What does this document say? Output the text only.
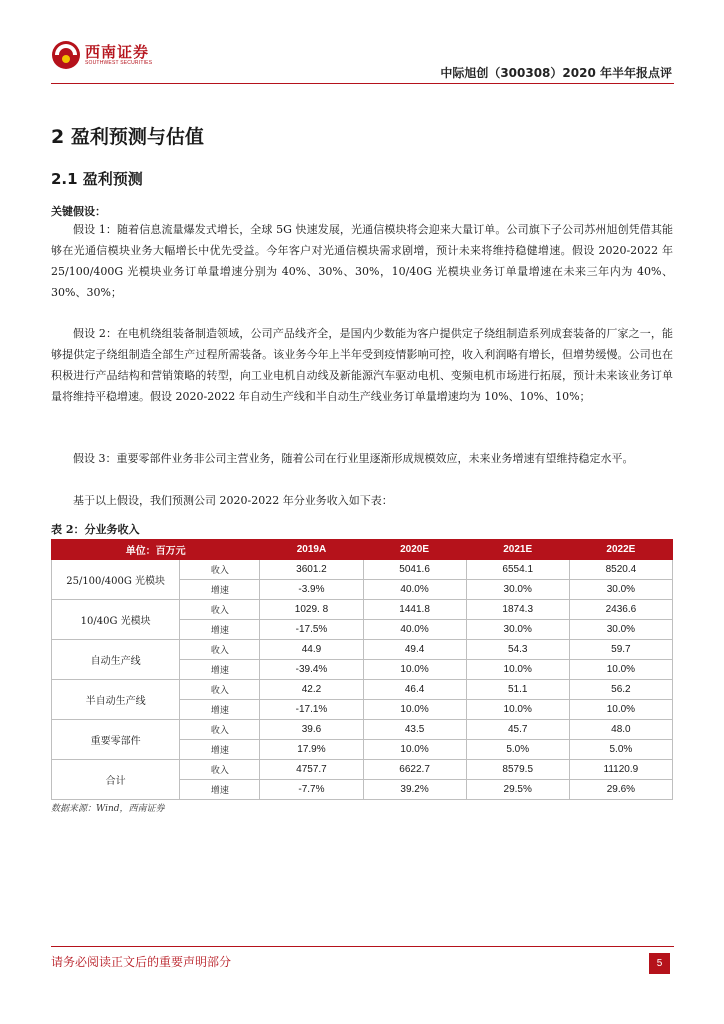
西南证券
SOUTHWEST SECURITIES
中际旭创（300308）2020 年半年报点评
2 盈利预测与估值
2.1 盈利预测
关键假设：
假设 1：随着信息流量爆发式增长，全球 5G 快速发展，光通信模块将会迎来大量订单。公司旗下子公司苏州旭创凭借其能够在光通信模块业务大幅增长中优先受益。今年客户对光通信模块需求剧增，预计未来将维持稳健增速。假设 2020-2022 年 25/100/400G 光模块业务订单量增速分别为 40%、30%、30%，10/40G 光模块业务订单量增速在未来三年内为 40%、30%、30%；
假设 2：在电机绕组装备制造领域，公司产品线齐全，是国内少数能为客户提供定子绕组制造系列成套装备的厂家之一，能够提供定子绕组制造全部生产过程所需装备。该业务今年上半年受到疫情影响可控，收入利润略有增长，但增势缓慢。公司也在积极进行产品结构和营销策略的转型，向工业电机自动线及新能源汽车驱动电机、变频电机市场进行拓展，预计未来该业务订单量将维持平稳增速。假设 2020-2022 年自动生产线和半自动生产线业务订单量增速均为 10%、10%、10%；
假设 3：重要零部件业务非公司主营业务，随着公司在行业里逐渐形成规模效应，未来业务增速有望维持稳定水平。
基于以上假设，我们预测公司 2020-2022 年分业务收入如下表：
表 2：分业务收入
单位：百万元		2019A	2020E	2021E	2022E
25/100/400G 光模块	收入	3601.2	5041.6	6554.1	8520.4
	增速	-3.9%	40.0%	30.0%	30.0%
10/40G 光模块	收入	1029. 8	1441.8	1874.3	2436.6
	增速	-17.5%	40.0%	30.0%	30.0%
自动生产线	收入	44.9	49.4	54.3	59.7
	增速	-39.4%	10.0%	10.0%	10.0%
半自动生产线	收入	42.2	46.4	51.1	56.2
	增速	-17.1%	10.0%	10.0%	10.0%
重要零部件	收入	39.6	43.5	45.7	48.0
	增速	17.9%	10.0%	5.0%	5.0%
合计	收入	4757.7	6622.7	8579.5	11120.9
	增速	-7.7%	39.2%	29.5%	29.6%
数据来源：Wind，西南证券
请务必阅读正文后的重要声明部分	5
